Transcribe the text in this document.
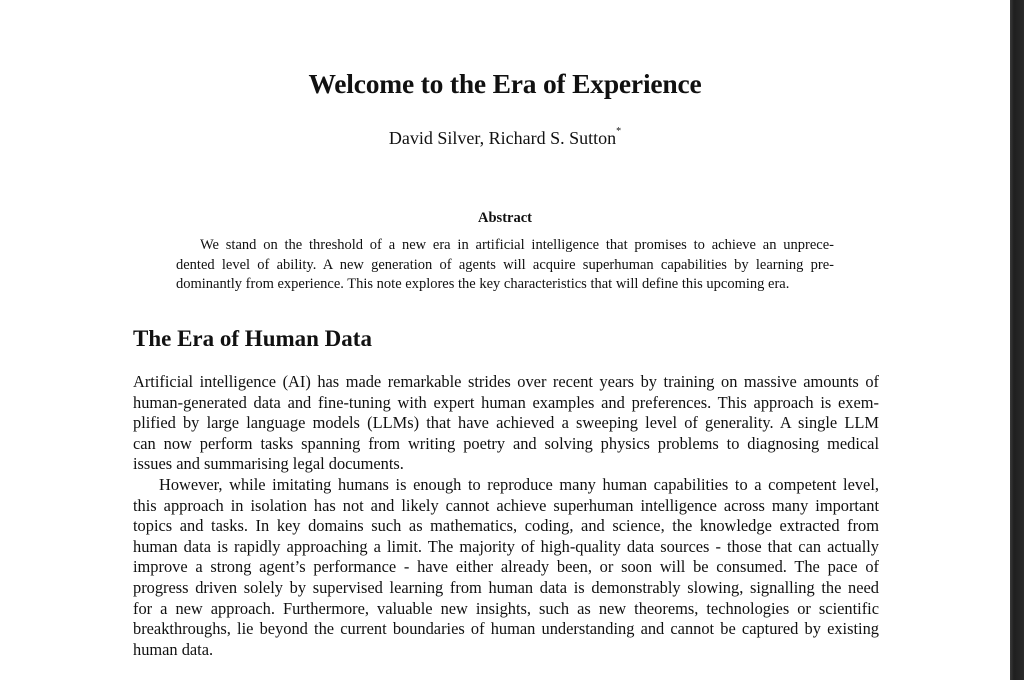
Welcome to the Era of Experience

David Silver, Richard S. Sutton*

Abstract
We stand on the threshold of a new era in artificial intelligence that promises to achieve an unprece-
dented level of ability. A new generation of agents will acquire superhuman capabilities by learning pre-
dominantly from experience. This note explores the key characteristics that will define this upcoming era.
The Era of Human Data
Artificial intelligence (AI) has made remarkable strides over recent years by training on massive amounts of
human-generated data and fine-tuning with expert human examples and preferences. This approach is exem-
plified by large language models (LLMs) that have achieved a sweeping level of generality. A single LLM
can now perform tasks spanning from writing poetry and solving physics problems to diagnosing medical
issues and summarising legal documents.
However, while imitating humans is enough to reproduce many human capabilities to a competent level,
this approach in isolation has not and likely cannot achieve superhuman intelligence across many important
topics and tasks. In key domains such as mathematics, coding, and science, the knowledge extracted from
human data is rapidly approaching a limit. The majority of high-quality data sources - those that can actually
improve a strong agent’s performance - have either already been, or soon will be consumed. The pace of
progress driven solely by supervised learning from human data is demonstrably slowing, signalling the need
for a new approach. Furthermore, valuable new insights, such as new theorems, technologies or scientific
breakthroughs, lie beyond the current boundaries of human understanding and cannot be captured by existing
human data.
